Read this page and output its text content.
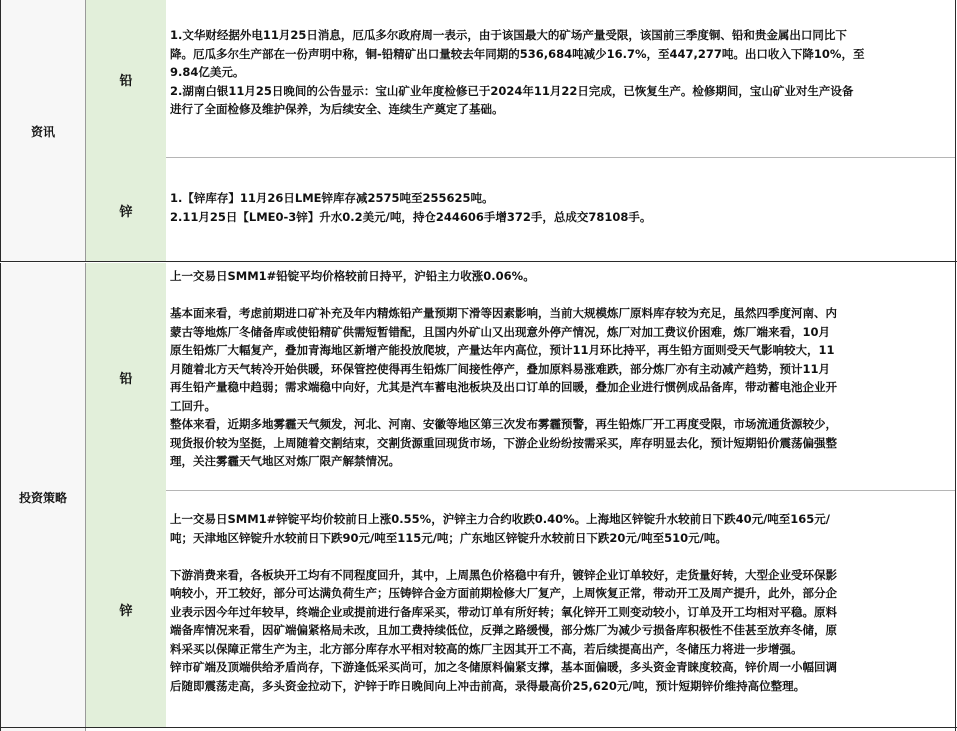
资讯
铅

1.文华财经据外电11月25日消息，厄瓜多尔政府周一表示，由于该国最大的矿场产量受限，该国前三季度铜、铅和贵金属出口同比下

降。厄瓜多尔生产部在一份声明中称，铜-铅精矿出口量较去年同期的536,684吨减少16.7%，至447,277吨。出口收入下降10%，至

9.84亿美元。

2.湖南白银11月25日晚间的公告显示：宝山矿业年度检修已于2024年11月22日完成，已恢复生产。检修期间，宝山矿业对生产设备

进行了全面检修及维护保养，为后续安全、连续生产奠定了基础。

锌

1.【锌库存】11月26日LME锌库存减2575吨至255625吨。

2.11月25日【LME0-3锌】升水0.2美元/吨，持仓244606手增372手，总成交78108手。

投资策略
铅

上一交易日SMM1#铅锭平均价格较前日持平，沪铅主力收涨0.06%。

基本面来看，考虑前期进口矿补充及年内精炼铅产量预期下滑等因素影响，当前大规模炼厂原料库存较为充足，虽然四季度河南、内

蒙古等地炼厂冬储备库或使铅精矿供需短暂错配，且国内外矿山又出现意外停产情况，炼厂对加工费议价困难，炼厂端来看，10月

原生铅炼厂大幅复产，叠加青海地区新增产能投放爬坡，产量达年内高位，预计11月环比持平，再生铅方面则受天气影响较大，11

月随着北方天气转冷开始供暖，环保管控使得再生铅炼厂间接性停产，叠加原料易涨难跌，部分炼厂亦有主动减产趋势，预计11月

再生铅产量稳中趋弱；需求端稳中向好，尤其是汽车蓄电池板块及出口订单的回暖，叠加企业进行惯例成品备库，带动蓄电池企业开

工回升。

整体来看，近期多地雾霾天气频发，河北、河南、安徽等地区第三次发布雾霾预警，再生铅炼厂开工再度受限，市场流通货源较少，

现货报价较为坚挺，上周随着交割结束，交割货源重回现货市场，下游企业纷纷按需采买，库存明显去化，预计短期铅价震荡偏强整

理，关注雾霾天气地区对炼厂限产解禁情况。

锌

上一交易日SMM1#锌锭平均价较前日上涨0.55%，沪锌主力合约收跌0.40%。上海地区锌锭升水较前日下跌40元/吨至165元/

吨；天津地区锌锭升水较前日下跌90元/吨至115元/吨；广东地区锌锭升水较前日下跌20元/吨至510元/吨。

下游消费来看，各板块开工均有不同程度回升，其中，上周黑色价格稳中有升，镀锌企业订单较好，走货量好转，大型企业受环保影

响较小，开工较好，部分可达满负荷生产；压铸锌合金方面前期检修大厂复产，上周恢复正常，带动开工及周产提升，此外，部分企

业表示因今年过年较早，终端企业或提前进行备库采买，带动订单有所好转；氧化锌开工则变动较小，订单及开工均相对平稳。原料

端备库情况来看，因矿端偏紧格局未改，且加工费持续低位，反弹之路缓慢，部分炼厂为减少亏损备库积极性不佳甚至放弃冬储，原

料采买以保障正常生产为主，北方部分库存水平相对较高的炼厂主因其开工不高，若后续提高出产，冬储压力将进一步增强。

锌市矿端及顶端供给矛盾尚存，下游逢低采买尚可，加之冬储原料偏紧支撑，基本面偏暖，多头资金青睐度较高，锌价周一小幅回调

后随即震荡走高，多头资金拉动下，沪锌于昨日晚间向上冲击前高，录得最高价25,620元/吨，预计短期锌价维持高位整理。
